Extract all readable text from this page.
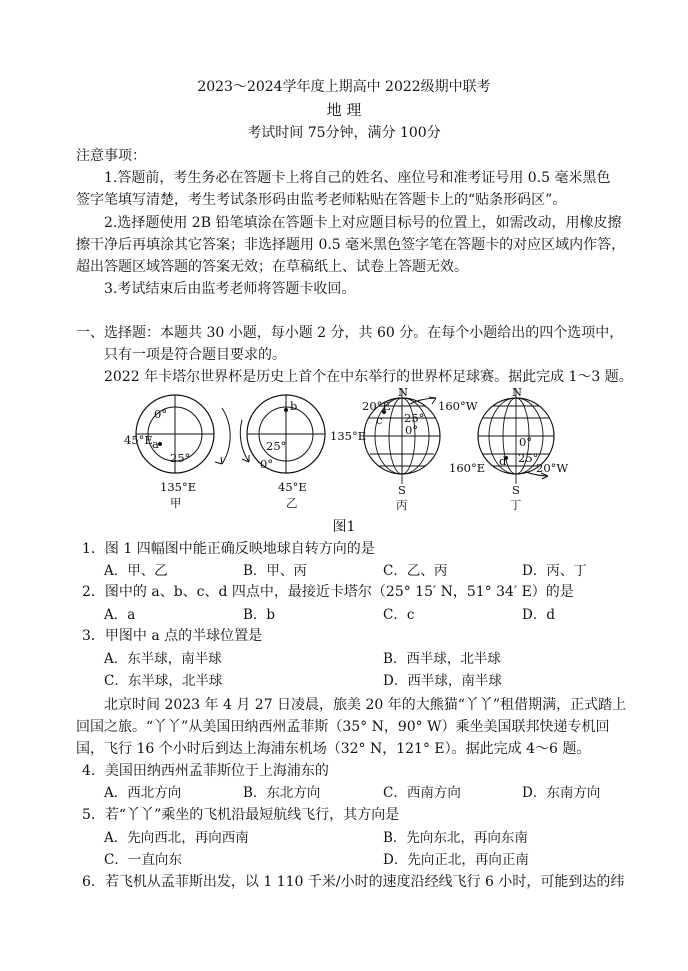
2023～2024学年度上期高中 2022级期中联考
地 理
考试时间 75分钟，满分 100分
注意事项：
1.答题前，考生务必在答题卡上将自己的姓名、座位号和准考证号用 0.5 毫米黑色
签字笔填写清楚，考生考试条形码由监考老师粘贴在答题卡上的“贴条形码区”。
2.选择题使用 2B 铅笔填涂在答题卡上对应题目标号的位置上，如需改动，用橡皮擦
擦干净后再填涂其它答案；非选择题用 0.5 毫米黑色签字笔在答题卡的对应区域内作答，
超出答题区域答题的答案无效；在草稿纸上、试卷上答题无效。
3.考试结束后由监考老师将答题卡收回。
一、选择题：本题共 30 小题，每小题 2 分，共 60 分。在每个小题给出的四个选项中，
只有一项是符合题目要求的。
2022 年卡塔尔世界杯是历史上首个在中东举行的世界杯足球赛。据此完成 1～3 题。
0°
45°E a
25°
135°E
甲
b
25°
0°
135°E
45°E
乙
N
20°E	160°W
c 25°
0°
S
丙
N
0°
d 25°
160°E	20°W
S
丁
图1
1．图 1 四幅图中能正确反映地球自转方向的是
A．甲、乙	B．甲、丙	C．乙、丙	D．丙、丁
2．图中的 a、b、c、d 四点中，最接近卡塔尔（25° 15′ N，51° 34′ E）的是
A．a	B．b	C．c	D．d
3．甲图中 a 点的半球位置是
A．东半球，南半球	B．西半球，北半球
C．东半球，北半球	D．西半球，南半球
北京时间 2023 年 4 月 27 日凌晨，旅美 20 年的大熊猫“丫丫”租借期满，正式踏上
回国之旅。“丫丫”从美国田纳西州孟菲斯（35° N，90° W）乘坐美国联邦快递专机回
国，飞行 16 个小时后到达上海浦东机场（32° N，121° E）。据此完成 4～6 题。
4．美国田纳西州孟菲斯位于上海浦东的
A．西北方向	B．东北方向	C．西南方向	D．东南方向
5．若“丫丫”乘坐的飞机沿最短航线飞行，其方向是
A．先向西北，再向西南	B．先向东北，再向东南
C．一直向东	D．先向正北，再向正南
6．若飞机从孟菲斯出发，以 1 110 千米/小时的速度沿经线飞行 6 小时，可能到达的纬
